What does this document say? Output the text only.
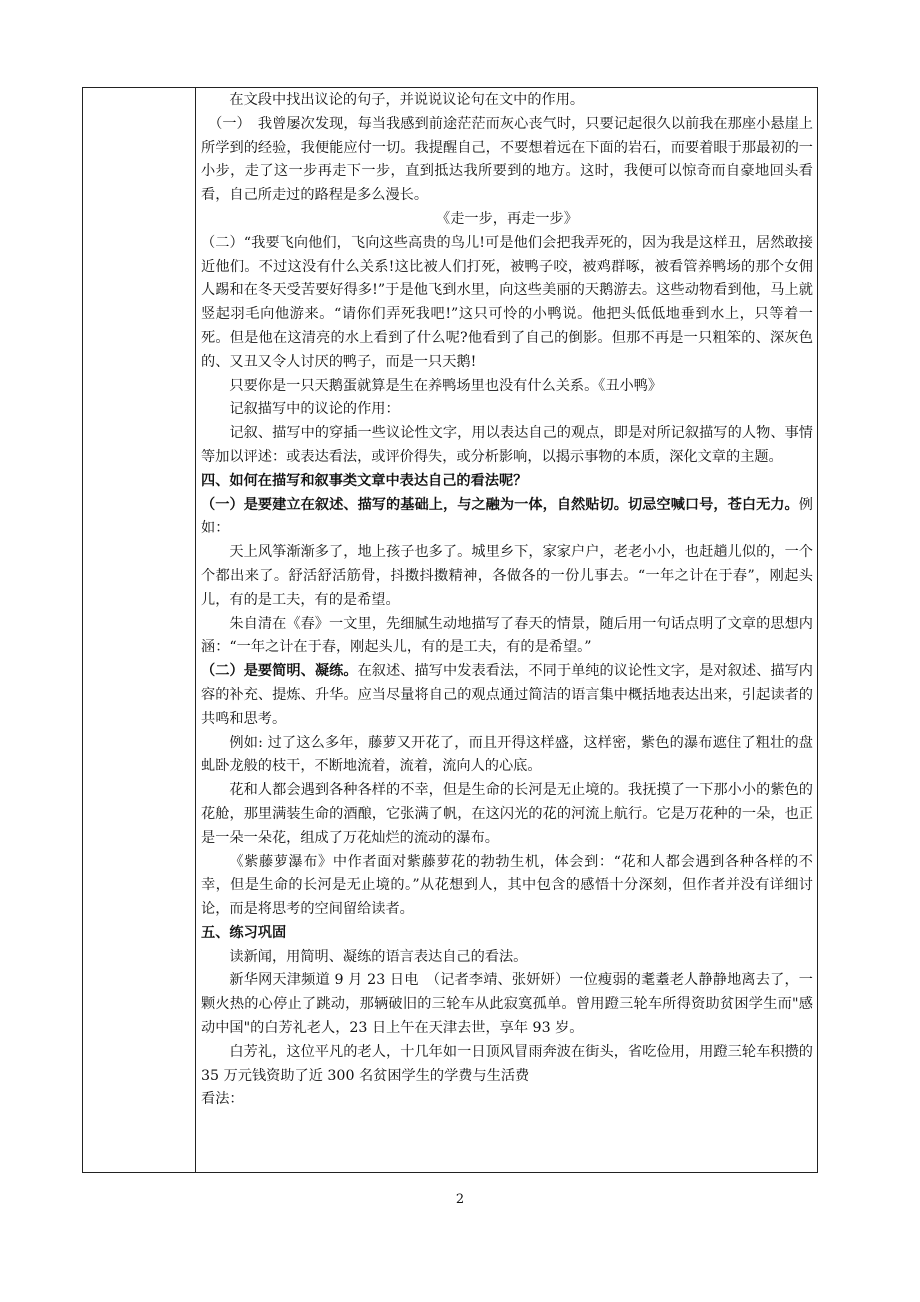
在文段中找出议论的句子，并说说议论句在文中的作用。

（一）　我曾屡次发现，每当我感到前途茫茫而灰心丧气时，只要记起很久以前我在那座小悬崖上所学到的经验，我便能应付一切。我提醒自己，不要想着远在下面的岩石，而要着眼于那最初的一小步，走了这一步再走下一步，直到抵达我所要到的地方。这时，我便可以惊奇而自豪地回头看看，自己所走过的路程是多么漫长。

《走一步，再走一步》

（二）“我要飞向他们，飞向这些高贵的鸟儿!可是他们会把我弄死的，因为我是这样丑，居然敢接近他们。不过这没有什么关系!这比被人们打死，被鸭子咬，被鸡群啄，被看管养鸭场的那个女佣人踢和在冬天受苦要好得多!”于是他飞到水里，向这些美丽的天鹅游去。这些动物看到他，马上就竖起羽毛向他游来。“请你们弄死我吧!”这只可怜的小鸭说。他把头低低地垂到水上，只等着一死。但是他在这清亮的水上看到了什么呢?他看到了自己的倒影。但那不再是一只粗笨的、深灰色的、又丑又令人讨厌的鸭子，而是一只天鹅!

只要你是一只天鹅蛋就算是生在养鸭场里也没有什么关系。《丑小鸭》

记叙描写中的议论的作用：

记叙、描写中的穿插一些议论性文字，用以表达自己的观点，即是对所记叙描写的人物、事情等加以评述：或表达看法，或评价得失，或分析影响，以揭示事物的本质，深化文章的主题。

四、如何在描写和叙事类文章中表达自己的看法呢？

（一）是要建立在叙述、描写的基础上，与之融为一体，自然贴切。切忌空喊口号，苍白无力。例如：

天上风筝渐渐多了，地上孩子也多了。城里乡下，家家户户，老老小小，也赶趟儿似的，一个个都出来了。舒活舒活筋骨，抖擞抖擞精神，各做各的一份儿事去。“一年之计在于春”，刚起头儿，有的是工夫，有的是希望。

朱自清在《春》一文里，先细腻生动地描写了春天的情景，随后用一句话点明了文章的思想内涵：“一年之计在于春，刚起头儿，有的是工夫，有的是希望。”

（二）是要简明、凝练。在叙述、描写中发表看法，不同于单纯的议论性文字，是对叙述、描写内容的补充、提炼、升华。应当尽量将自己的观点通过简洁的语言集中概括地表达出来，引起读者的共鸣和思考。

例如: 过了这么多年，藤萝又开花了，而且开得这样盛，这样密，紫色的瀑布遮住了粗壮的盘虬卧龙般的枝干，不断地流着，流着，流向人的心底。

花和人都会遇到各种各样的不幸，但是生命的长河是无止境的。我抚摸了一下那小小的紫色的花舱，那里满装生命的酒酿，它张满了帆，在这闪光的花的河流上航行。它是万花种的一朵，也正是一朵一朵花，组成了万花灿烂的流动的瀑布。

《紫藤萝瀑布》中作者面对紫藤萝花的勃勃生机，体会到：“花和人都会遇到各种各样的不幸，但是生命的长河是无止境的。”从花想到人，其中包含的感悟十分深刻，但作者并没有详细讨论，而是将思考的空间留给读者。

五、练习巩固

读新闻，用简明、凝练的语言表达自己的看法。

新华网天津频道 9 月 23 日电　（记者李靖、张妍妍）一位瘦弱的耄耋老人静静地离去了，一颗火热的心停止了跳动，那辆破旧的三轮车从此寂寞孤单。曾用蹬三轮车所得资助贫困学生而"感动中国"的白芳礼老人，23 日上午在天津去世，享年 93 岁。

白芳礼，这位平凡的老人，十几年如一日顶风冒雨奔波在街头，省吃俭用，用蹬三轮车积攒的 35 万元钱资助了近 300 名贫困学生的学费与生活费

看法：

2
